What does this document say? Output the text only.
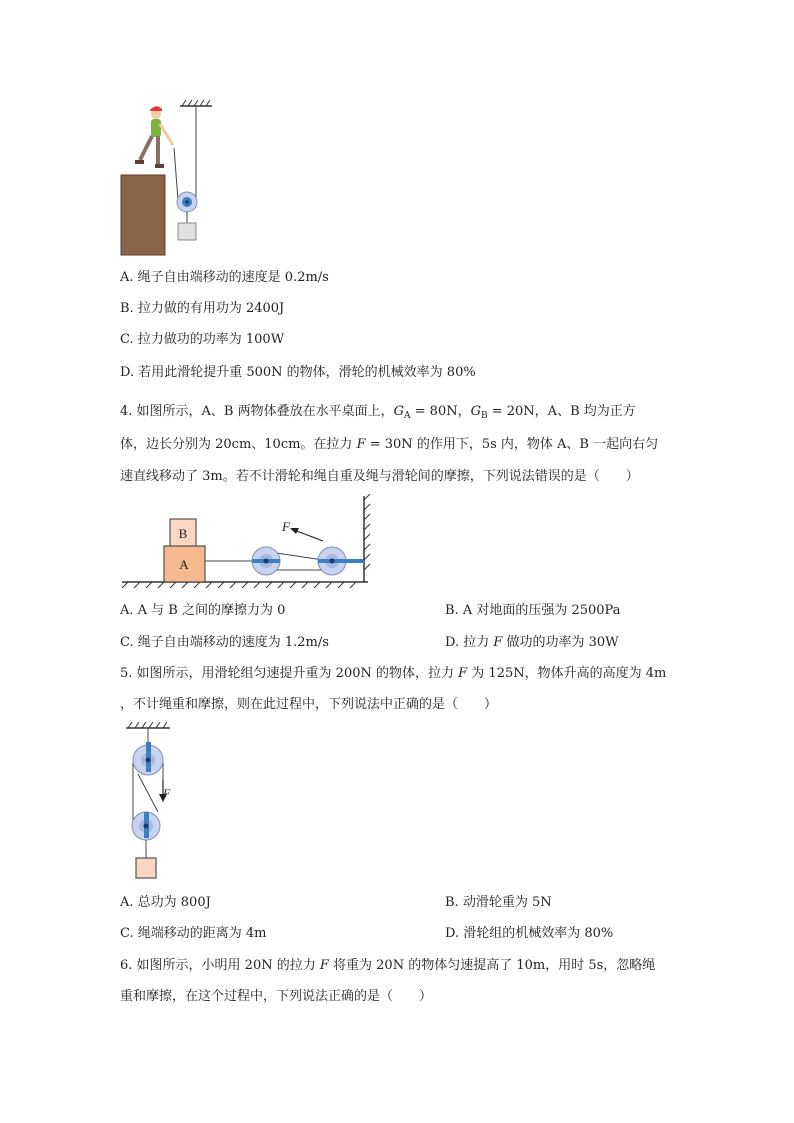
A. 绳子自由端移动的速度是 0.2m/s
B. 拉力做的有用功为 2400J
C. 拉力做功的功率为 100W
D. 若用此滑轮提升重 500N 的物体，滑轮的机械效率为 80%
4. 如图所示，A、B 两物体叠放在水平桌面上，$G_A = 80N$，$G_B = 20N$，A、B 均为正方
体，边长分别为 20cm、10cm。在拉力 F = 30N 的作用下，5s 内，物体 A、B 一起向右匀
速直线移动了 3m。若不计滑轮和绳自重及绳与滑轮间的摩擦，下列说法错误的是（　　）
B
A
F
A. A 与 B 之间的摩擦力为 0	B. A 对地面的压强为 2500Pa
C. 绳子自由端移动的速度为 1.2m/s	D. 拉力 F 做功的功率为 30W
5. 如图所示，用滑轮组匀速提升重为 200N 的物体，拉力 F 为 125N，物体升高的高度为 4m
，不计绳重和摩擦，则在此过程中，下列说法中正确的是（　　）
F
A. 总功为 800J	B. 动滑轮重为 5N
C. 绳端移动的距离为 4m	D. 滑轮组的机械效率为 80%
6. 如图所示，小明用 20N 的拉力 F 将重为 20N 的物体匀速提高了 10m，用时 5s，忽略绳
重和摩擦，在这个过程中，下列说法正确的是（　　）
